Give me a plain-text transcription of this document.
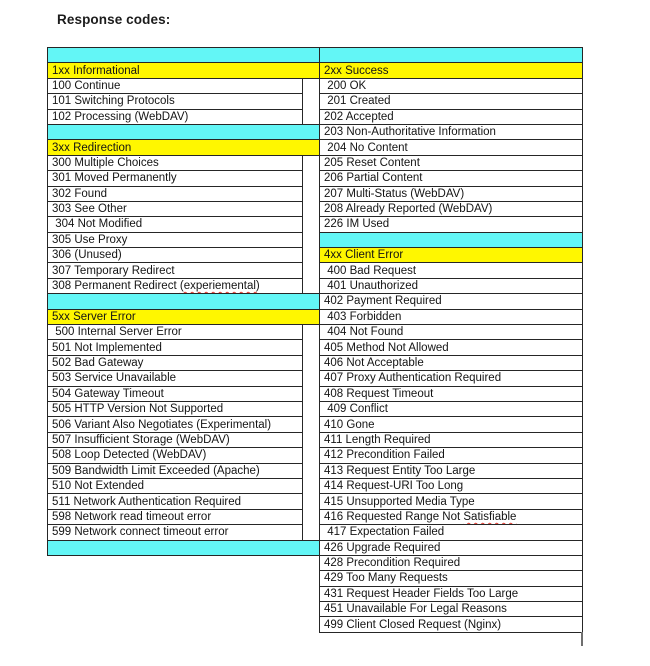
Response codes:

1xx Informational		2xx Success
100 Continue		200 OK
101 Switching Protocols		201 Created
102 Processing (WebDAV)		202 Accepted
		203 Non-Authoritative Information
3xx Redirection		204 No Content
300 Multiple Choices		205 Reset Content
301 Moved Permanently		206 Partial Content
302 Found		207 Multi-Status (WebDAV)
303 See Other		208 Already Reported (WebDAV)
304 Not Modified		226 IM Used
305 Use Proxy		
306 (Unused)		4xx Client Error
307 Temporary Redirect		400 Bad Request
308 Permanent Redirect (experiemental)		401 Unauthorized
		402 Payment Required
5xx Server Error		403 Forbidden
500 Internal Server Error		404 Not Found
501 Not Implemented		405 Method Not Allowed
502 Bad Gateway		406 Not Acceptable
503 Service Unavailable		407 Proxy Authentication Required
504 Gateway Timeout		408 Request Timeout
505 HTTP Version Not Supported		409 Conflict
506 Variant Also Negotiates (Experimental)		410 Gone
507 Insufficient Storage (WebDAV)		411 Length Required
508 Loop Detected (WebDAV)		412 Precondition Failed
509 Bandwidth Limit Exceeded (Apache)		413 Request Entity Too Large
510 Not Extended		414 Request-URI Too Long
511 Network Authentication Required		415 Unsupported Media Type
598 Network read timeout error		416 Requested Range Not Satisfiable
599 Network connect timeout error		417 Expectation Failed
		426 Upgrade Required
		428 Precondition Required
		429 Too Many Requests
		431 Request Header Fields Too Large
		451 Unavailable For Legal Reasons
		499 Client Closed Request (Nginx)
